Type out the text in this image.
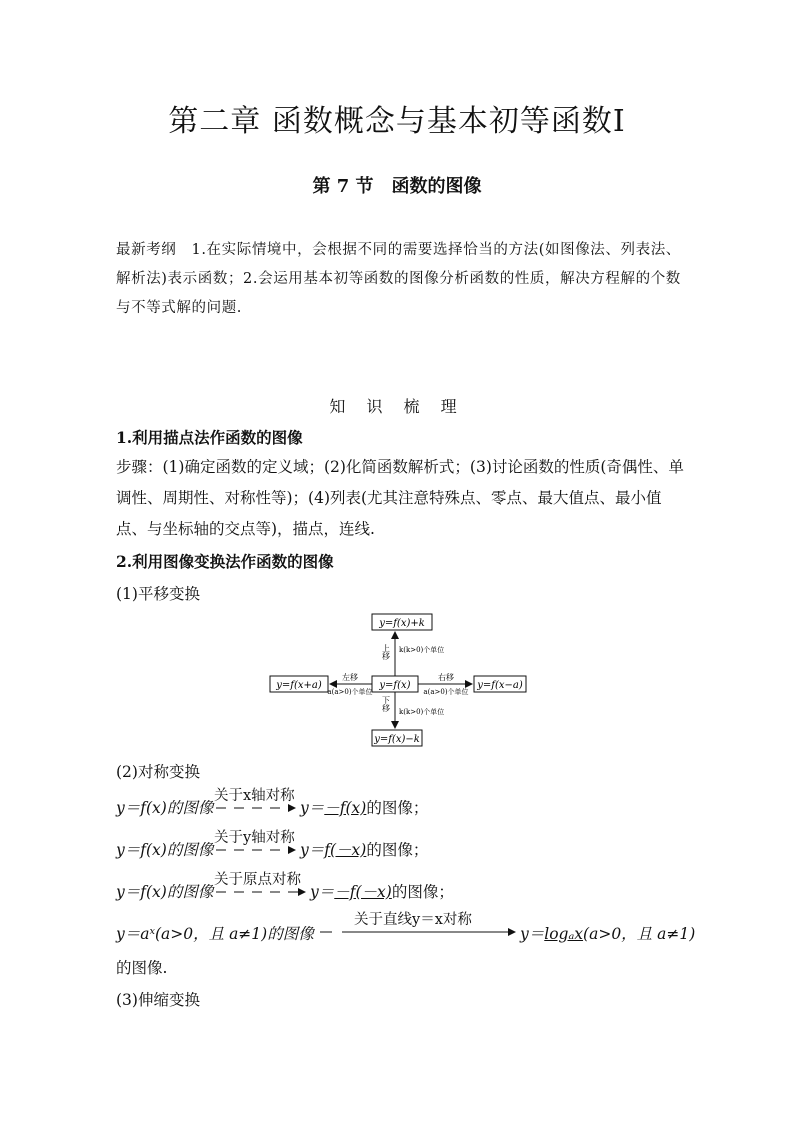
第二章 函数概念与基本初等函数Ⅰ
第 7 节　函数的图像
最新考纲　1.在实际情境中，会根据不同的需要选择恰当的方法(如图像法、列表法、解析法)表示函数；2.会运用基本初等函数的图像分析函数的性质，解决方程解的个数与不等式解的问题.
知 识 梳 理
1.利用描点法作函数的图像
步骤：(1)确定函数的定义域；(2)化简函数解析式；(3)讨论函数的性质(奇偶性、单调性、周期性、对称性等)；(4)列表(尤其注意特殊点、零点、最大值点、最小值点、与坐标轴的交点等)，描点，连线.
2.利用图像变换法作函数的图像
(1)平移变换
y=f(x)+k
y=f(x)
y=f(x)−k
y=f(x+a)	y=f(x−a)
上移 k(k>0)个单位
下移 k(k>0)个单位
左移
a(a>0)个单位
右移
a(a>0)个单位
(2)对称变换
y＝f(x)的图像
关于x轴对称
y＝－f(x)的图像；
y＝f(x)的图像
关于y轴对称
y＝f(－x)的图像；
y＝f(x)的图像
关于原点对称
y＝－f(－x)的图像；
y＝aˣ(a>0，且 a≠1)的图像
关于直线y＝x对称
y＝logₐx(a>0，且 a≠1)
的图像.
(3)伸缩变换
